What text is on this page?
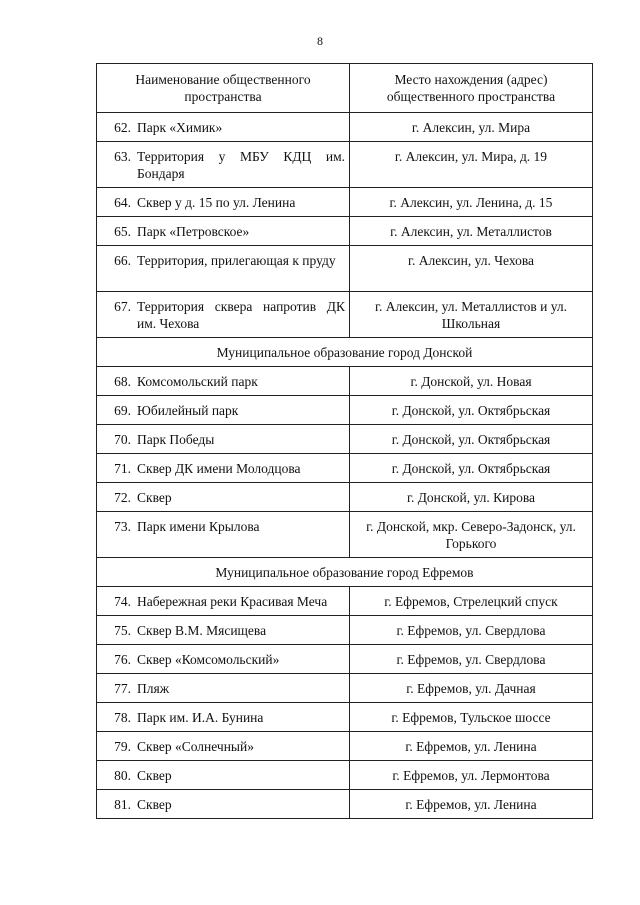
8
Наименование общественного пространства	Место нахождения (адрес) общественного пространства

62. Парк «Химик»	г. Алексин, ул. Мира

63. Территория у МБУ КДЦ им. Бондаря	г. Алексин, ул. Мира, д. 19

64. Сквер у д. 15 по ул. Ленина	г. Алексин, ул. Ленина, д. 15

65. Парк «Петровское»	г. Алексин, ул. Металлистов

66. Территория, прилегающая к пруду	г. Алексин, ул. Чехова

67. Территория сквера напротив ДК им. Чехова	г. Алексин, ул. Металлистов и ул. Школьная

Муниципальное образование город Донской	

68. Комсомольский парк	г. Донской, ул. Новая

69. Юбилейный парк	г. Донской, ул. Октябрьская

70. Парк Победы	г. Донской, ул. Октябрьская

71. Сквер ДК имени Молодцова	г. Донской, ул. Октябрьская

72. Сквер	г. Донской, ул. Кирова

73. Парк имени Крылова	г. Донской, мкр. Северо-Задонск, ул. Горького

Муниципальное образование город Ефремов	

74. Набережная реки Красивая Меча	г. Ефремов, Стрелецкий спуск

75. Сквер В.М. Мясищева	г. Ефремов, ул. Свердлова

76. Сквер «Комсомольский»	г. Ефремов, ул. Свердлова

77. Пляж	г. Ефремов, ул. Дачная

78. Парк им. И.А. Бунина	г. Ефремов, Тульское шоссе

79. Сквер «Солнечный»	г. Ефремов, ул. Ленина

80. Сквер	г. Ефремов, ул. Лермонтова

81. Сквер	г. Ефремов, ул. Ленина
